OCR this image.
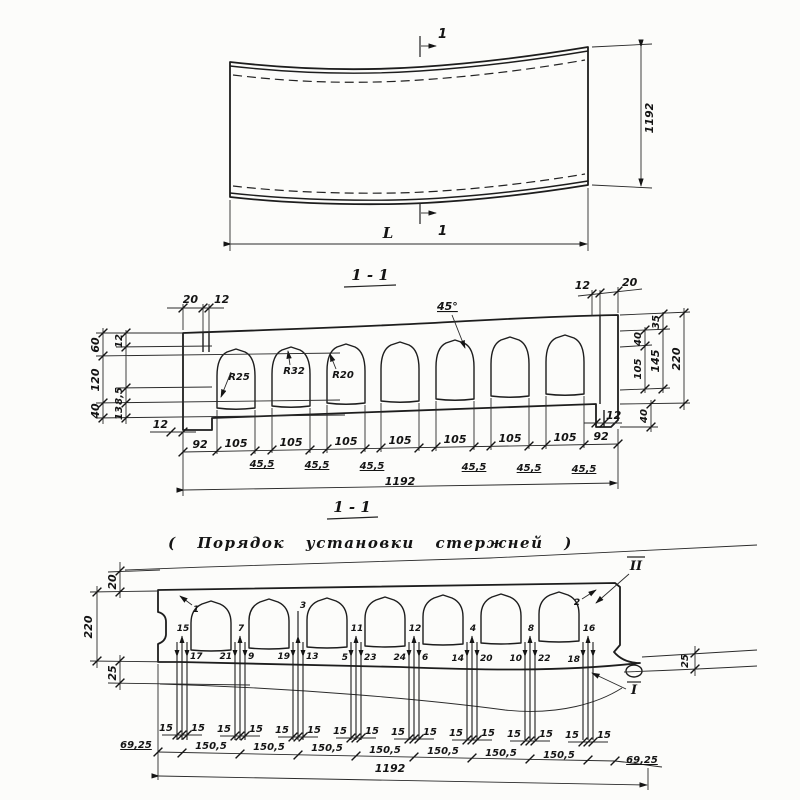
1
1
1192
L
1 - 1
R25
R32	R20
45°
20 12
12	20
60
120
40
12
8,5
13
12
40
105
35
145 220
40
12
92 105	105	105	105	105	105	105 92
45,5	45,5	45,5	45,5	45,5	45,5
1192
1 - 1
( Порядок установки стержней )
15	7
3
11	12	4	8	16
17 21 9	19 13	5 23 24 6	14 20 10 22 18
1
2
II
I
20
220
25
25
15 15 15 15 15 15 15 15 15 15 15 15 15 15 15 15
69,25	150,5	150,5	150,5	150,5	150,5	150,5	150,5	69,25
1192
